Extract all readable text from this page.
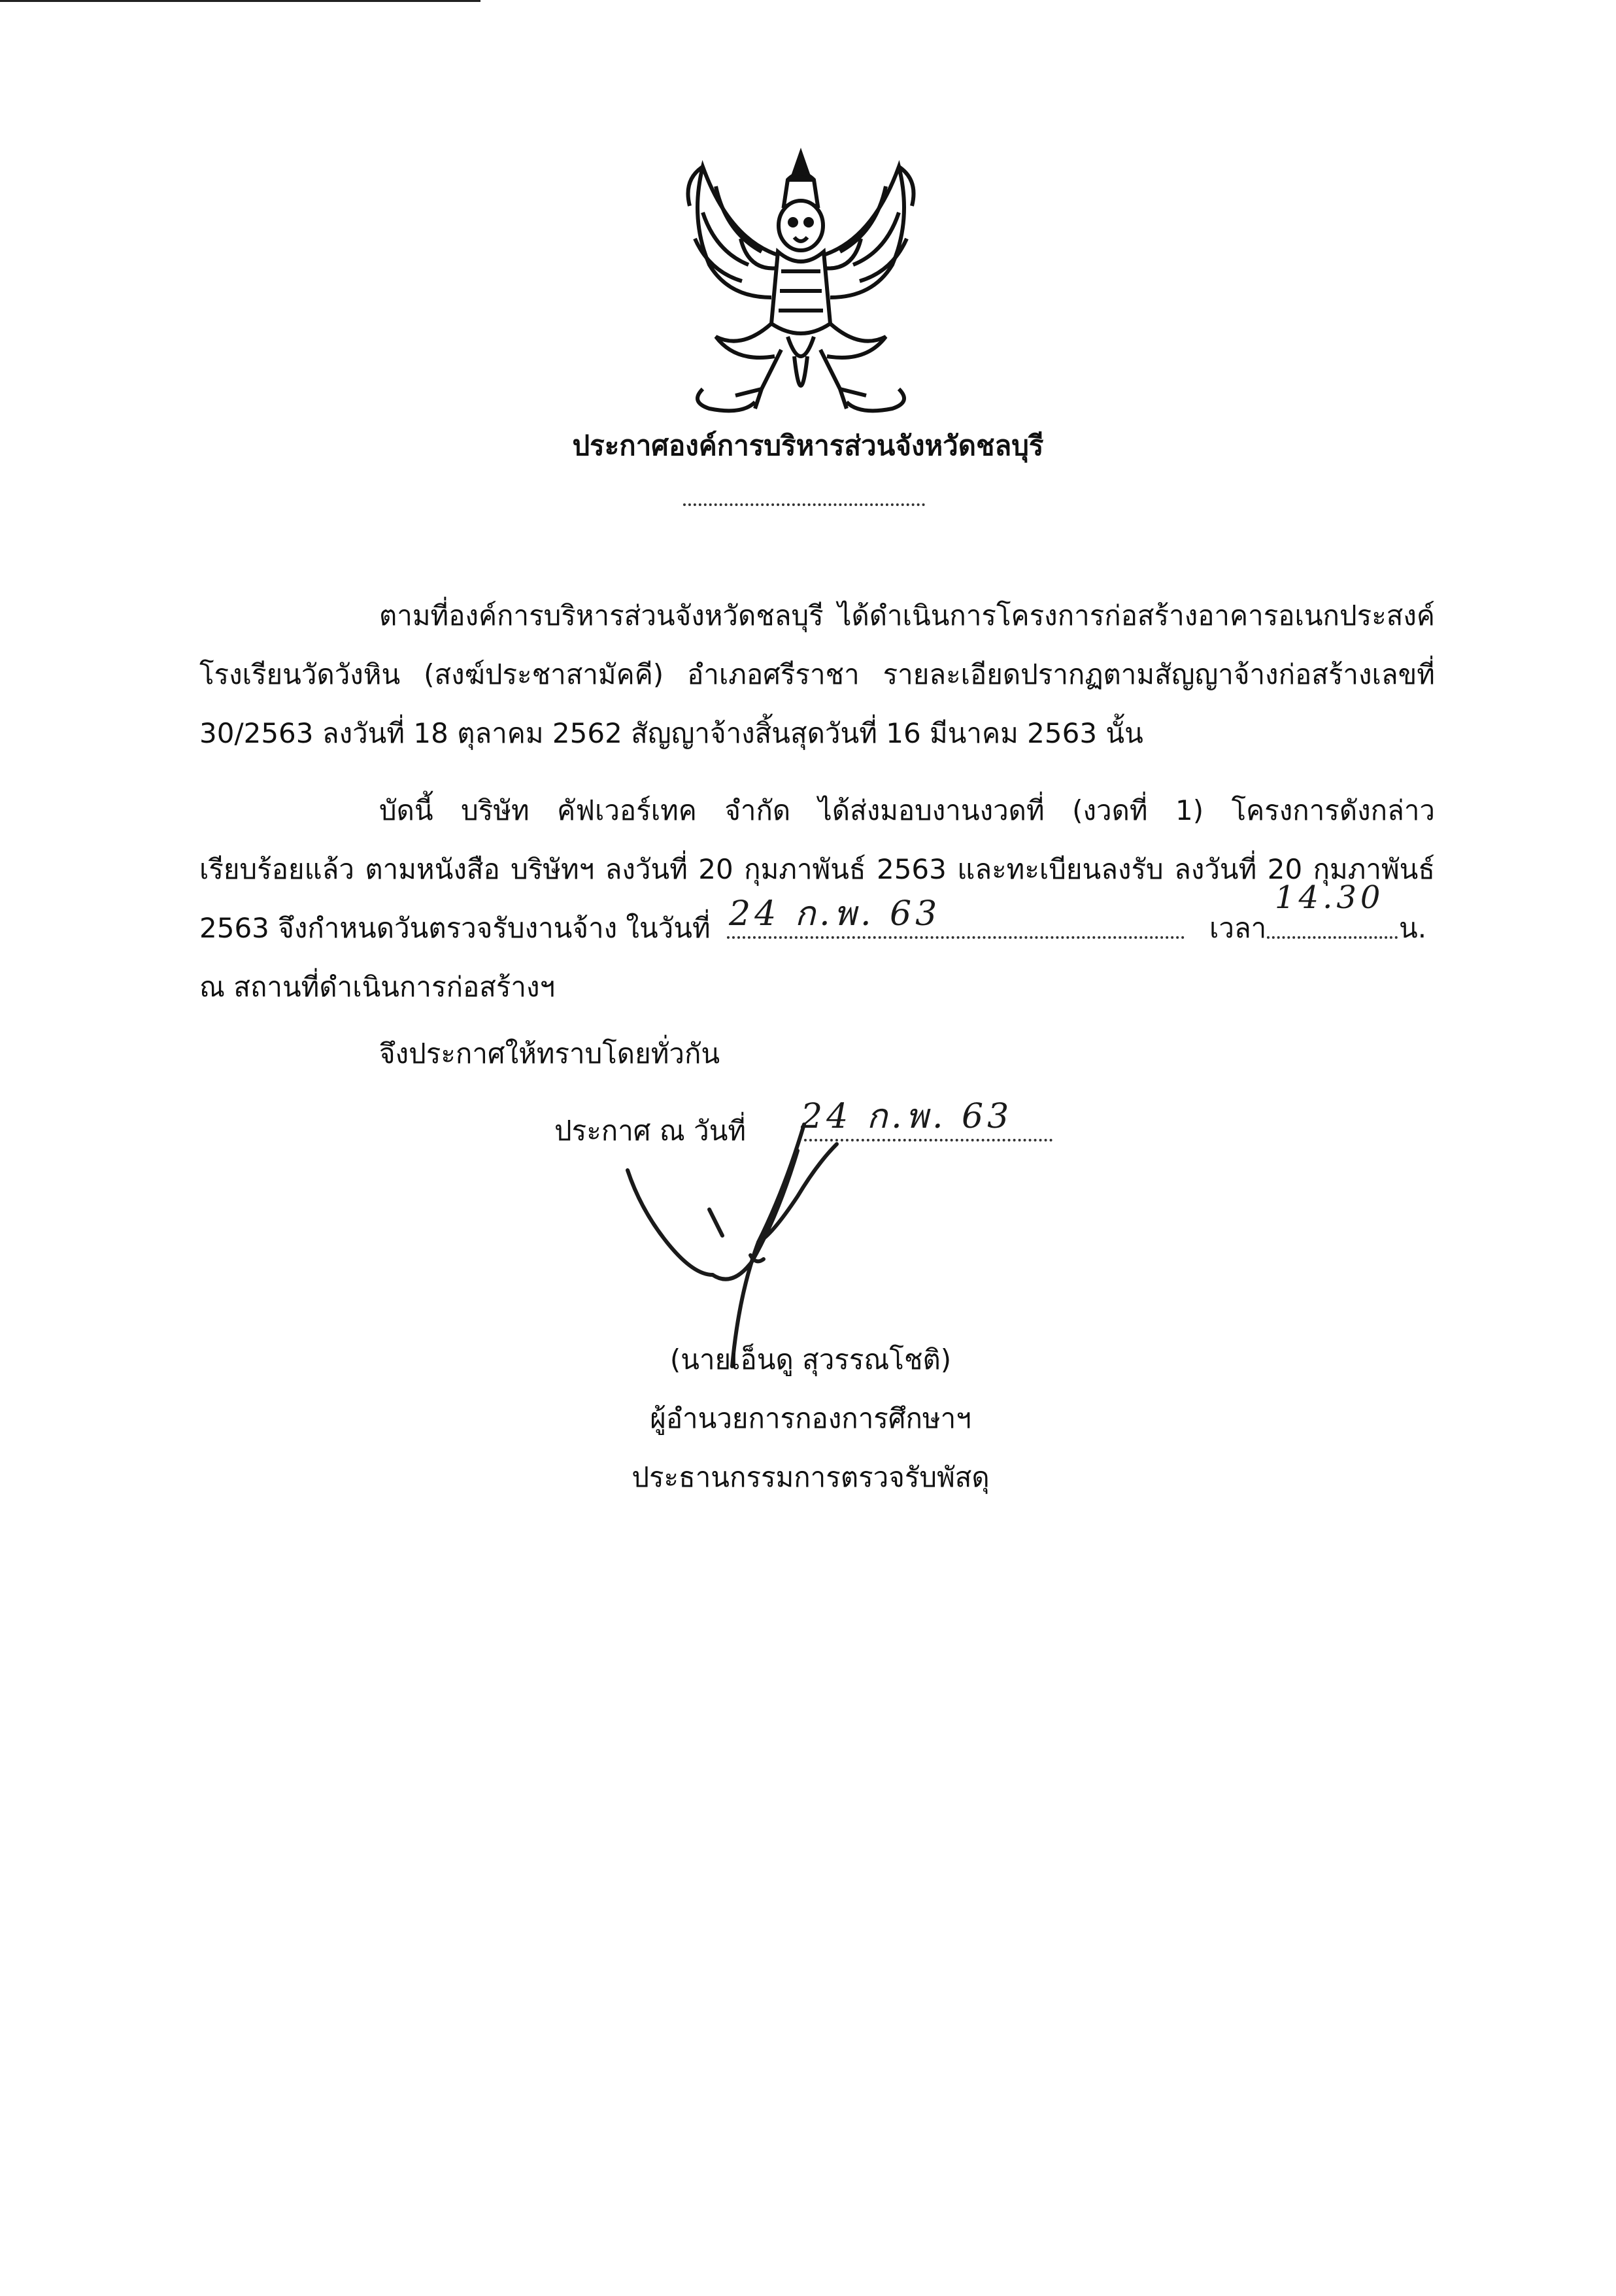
ประกาศองค์การบริหารส่วนจังหวัดชลบุรี
ตามที่องค์การบริหารส่วนจังหวัดชลบุรี ได้ดำเนินการโครงการก่อสร้างอาคารอเนกประสงค์
โรงเรียนวัดวังหิน (สงฆ์ประชาสามัคคี) อำเภอศรีราชา รายละเอียดปรากฏตามสัญญาจ้างก่อสร้างเลขที่
30/2563 ลงวันที่ 18 ตุลาคม 2562 สัญญาจ้างสิ้นสุดวันที่ 16 มีนาคม 2563 นั้น
บัดนี้ บริษัท คัฟเวอร์เทค จำกัด ได้ส่งมอบงานงวดที่ (งวดที่ 1) โครงการดังกล่าว
เรียบร้อยแล้ว ตามหนังสือ บริษัทฯ ลงวันที่ 20 กุมภาพันธ์ 2563 และทะเบียนลงรับ ลงวันที่ 20 กุมภาพันธ์
2563 จึงกำหนดวันตรวจรับงานจ้าง ในวันที่ 24 ก.พ. 63	เวลา
14.30
น.
ณ สถานที่ดำเนินการก่อสร้างฯ
จึงประกาศให้ทราบโดยทั่วกัน
ประกาศ ณ วันที่ 24 ก.พ. 63
(นายเอ็นดู สุวรรณโชติ)
ผู้อำนวยการกองการศึกษาฯ
ประธานกรรมการตรวจรับพัสดุ
